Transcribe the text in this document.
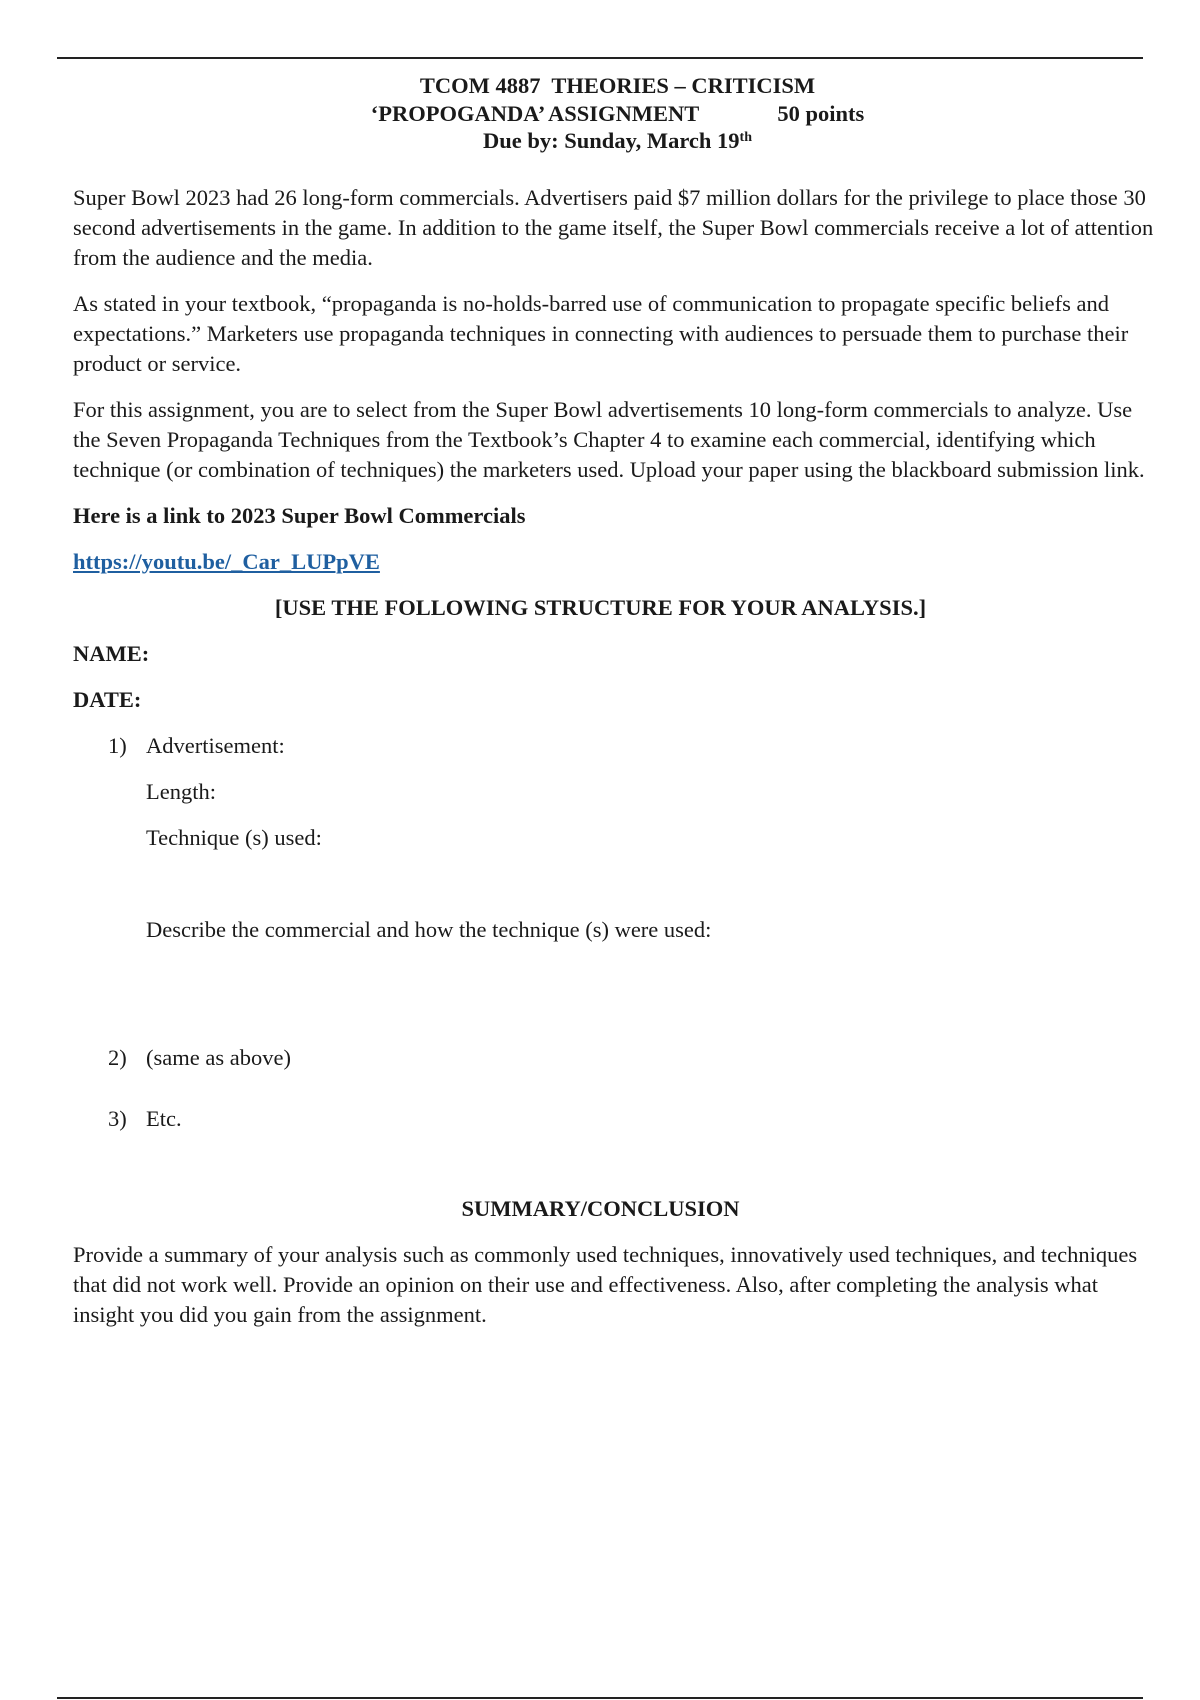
TCOM 4887  THEORIES – CRITICISM
‘PROPOGANDA’ ASSIGNMENT	50 points
Due by: Sunday, March 19th

Super Bowl 2023 had 26 long-form commercials. Advertisers paid $7 million dollars for the privilege to place those 30 second advertisements in the game. In addition to the game itself, the Super Bowl commercials receive a lot of attention from the audience and the media.

As stated in your textbook, “propaganda is no-holds-barred use of communication to propagate specific beliefs and expectations.” Marketers use propaganda techniques in connecting with audiences to persuade them to purchase their product or service.

For this assignment, you are to select from the Super Bowl advertisements 10 long-form commercials to analyze. Use the Seven Propaganda Techniques from the Textbook’s Chapter 4 to examine each commercial, identifying which technique (or combination of techniques) the marketers used. Upload your paper using the blackboard submission link.

Here is a link to 2023 Super Bowl Commercials

https://youtu.be/_Car_LUPpVE

[USE THE FOLLOWING STRUCTURE FOR YOUR ANALYSIS.]

NAME:

DATE:

1) Advertisement:

Length:

Technique (s) used:

Describe the commercial and how the technique (s) were used:

2) (same as above)

3) Etc.

SUMMARY/CONCLUSION

Provide a summary of your analysis such as commonly used techniques, innovatively used techniques, and techniques that did not work well. Provide an opinion on their use and effectiveness. Also, after completing the analysis what insight you did you gain from the assignment.
